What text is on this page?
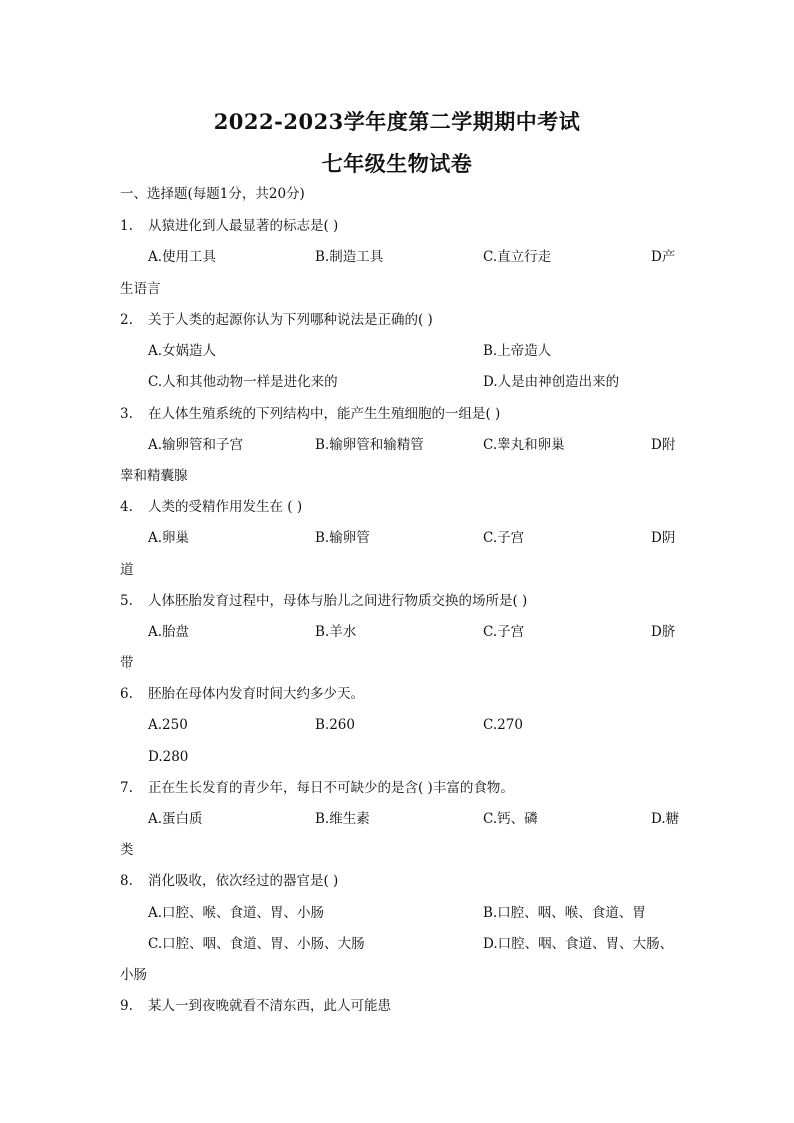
2022-2023学年度第二学期期中考试
七年级生物试卷
一、选择题(每题1分，共20分)
1. 从猿进化到人最显著的标志是( )
A.使用工具	B.制造工具	C.直立行走	D产
生语言
2. 关于人类的起源你认为下列哪种说法是正确的( )
A.女娲造人	B.上帝造人
C.人和其他动物一样是进化来的	D.人是由神创造出来的
3. 在人体生殖系统的下列结构中，能产生生殖细胞的一组是( )
A.输卵管和子宫	B.输卵管和输精管	C.睾丸和卵巢	D附
睾和精囊腺
4. 人类的受精作用发生在 ( )
A.卵巢	B.输卵管	C.子宫	D阴
道
5. 人体胚胎发育过程中，母体与胎儿之间进行物质交换的场所是( )
A.胎盘	B.羊水	C.子宫	D脐
带
6. 胚胎在母体内发育时间大约多少天。
A.250	B.260	C.270
D.280
7. 正在生长发育的青少年，每日不可缺少的是含( )丰富的食物。
A.蛋白质	B.维生素	C.钙、磷	D.糖
类
8. 消化吸收，依次经过的器官是( )
A.口腔、喉、食道、胃、小肠	B.口腔、咽、喉、食道、胃
C.口腔、咽、食道、胃、小肠、大肠	D.口腔、咽、食道、胃、大肠、
小肠
9. 某人一到夜晚就看不清东西，此人可能患
